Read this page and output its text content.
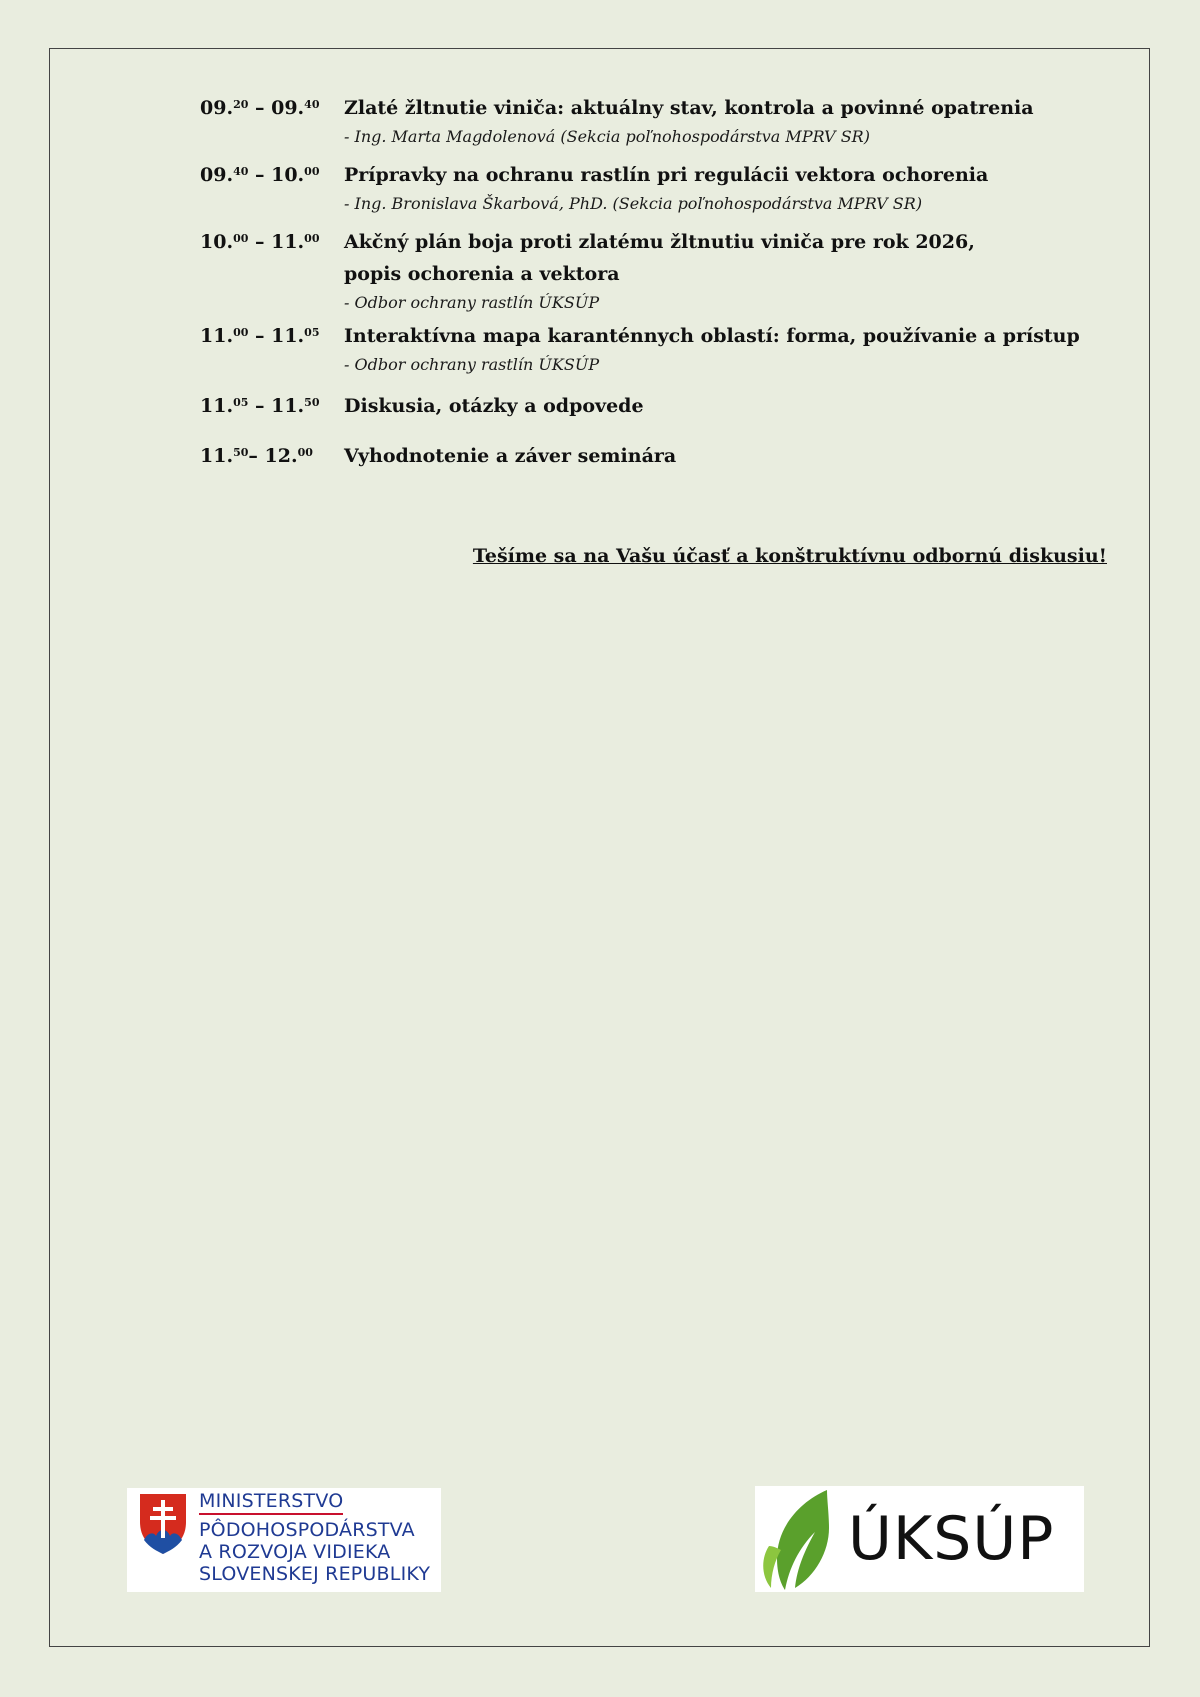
09.20 – 09.40	Zlaté žltnutie viniča: aktuálny stav, kontrola a povinné opatrenia
- Ing. Marta Magdolenová (Sekcia poľnohospodárstva MPRV SR)
09.40 – 10.00	Prípravky na ochranu rastlín pri regulácii vektora ochorenia
- Ing. Bronislava Škarbová, PhD. (Sekcia poľnohospodárstva MPRV SR)
10.00 – 11.00	Akčný plán boja proti zlatému žltnutiu viniča pre rok 2026,
popis ochorenia a vektora
- Odbor ochrany rastlín ÚKSÚP
11.00 – 11.05	Interaktívna mapa karanténnych oblastí: forma, používanie a prístup
- Odbor ochrany rastlín ÚKSÚP
11.05 – 11.50	Diskusia, otázky a odpovede
11.50– 12.00	Vyhodnotenie a záver seminára
Tešíme sa na Vašu účasť a konštruktívnu odbornú diskusiu!
MINISTERSTVO
PÔDOHOSPODÁRSTVA
A ROZVOJA VIDIEKA
SLOVENSKEJ REPUBLIKY	ÚKSÚP
